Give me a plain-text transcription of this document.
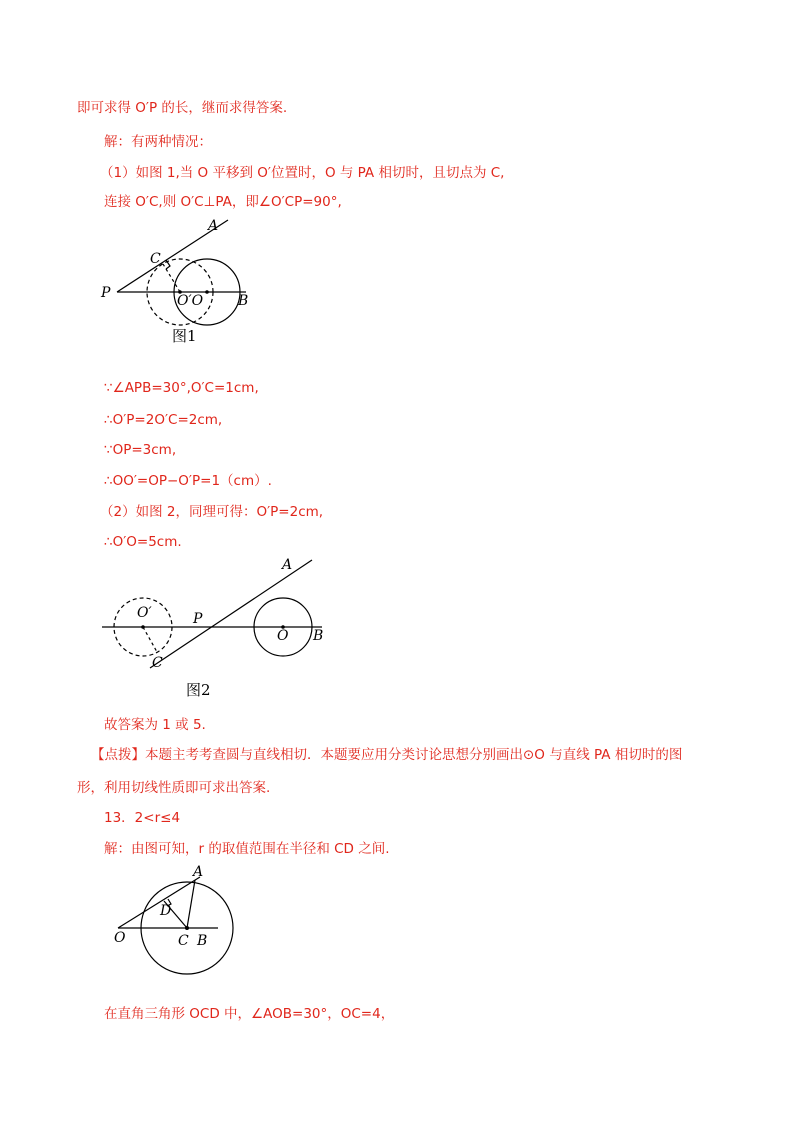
即可求得 O′P 的长，继而求得答案.
解：有两种情况：
（1）如图 1,当 O 平移到 O′位置时，O 与 PA 相切时，且切点为 C,
连接 O′C,则 O′C⊥PA，即∠O′CP=90°,
A
C
P	O′O B
图1
∵∠APB=30°,O′C=1cm,
∴O′P=2O′C=2cm,
∵OP=3cm,
∴OO′=OP−O′P=1（cm）.
（2）如图 2，同理可得：O′P=2cm,
∴O′O=5cm.
A
O′	P
O B
C
图2
故答案为 1 或 5.
【点拨】本题主考考查圆与直线相切．本题要应用分类讨论思想分别画出⊙O 与直线 PA 相切时的图
形，利用切线性质即可求出答案.
13．2<r≤4
解：由图可知，r 的取值范围在半径和 CD 之间.
A
D
O	C B
在直角三角形 OCD 中，∠AOB=30°，OC=4，
